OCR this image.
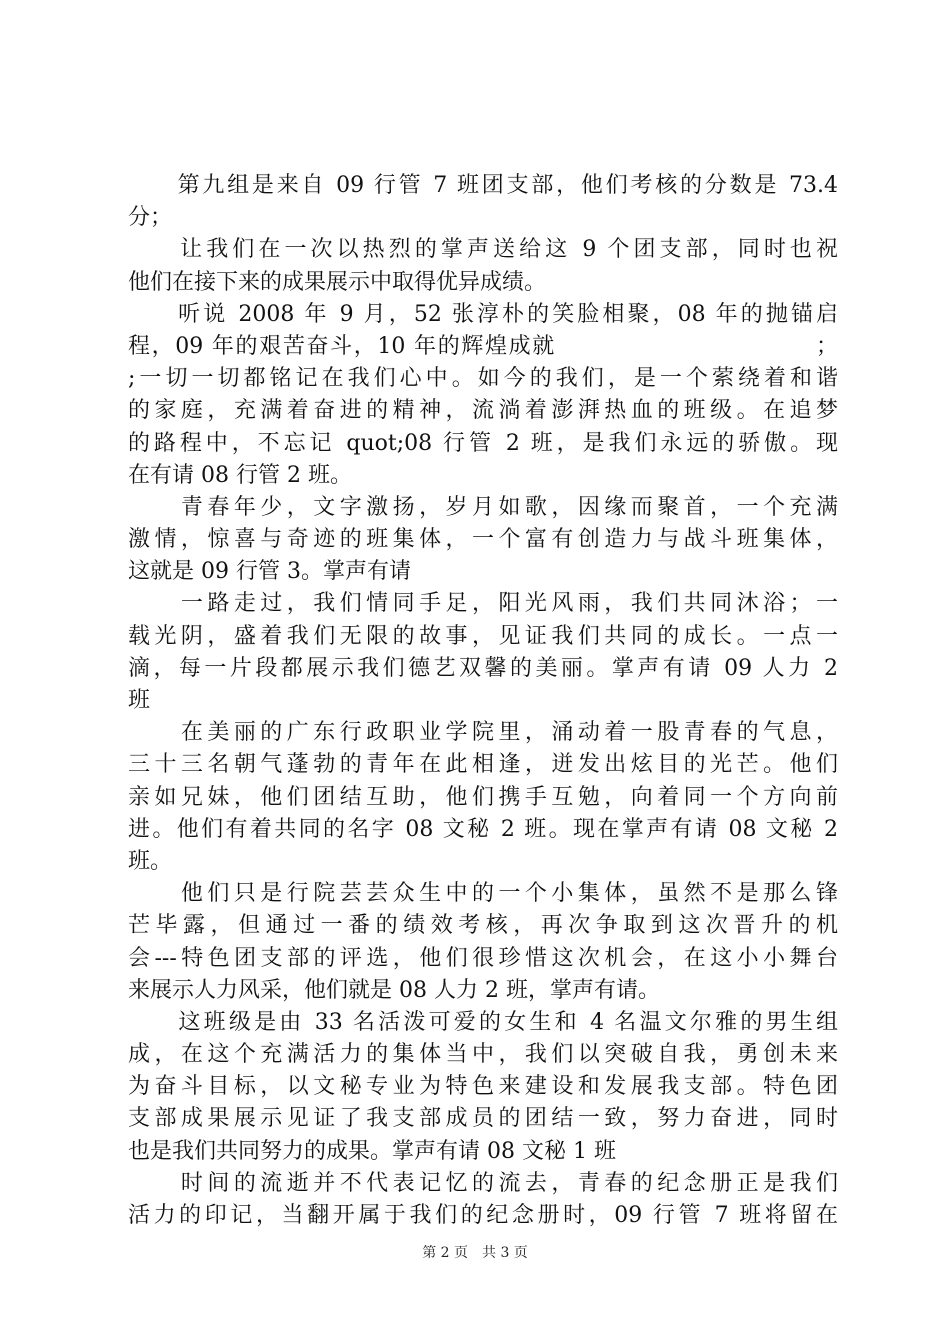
　　第九组是来自 09 行管 7 班团支部，他们考核的分数是 73.4
分；
　　让我们在一次以热烈的掌声送给这 9 个团支部，同时也祝
他们在接下来的成果展示中取得优异成绩。
　　听说 2008 年 9 月，52 张淳朴的笑脸相聚，08 年的抛锚启
程，09 年的艰苦奋斗，10 年的辉煌成就　　　　　　　　　　　；
;一切一切都铭记在我们心中。如今的我们，是一个萦绕着和谐
的家庭，充满着奋进的精神，流淌着澎湃热血的班级。在追梦
的路程中，不忘记 quot;08 行管 2 班，是我们永远的骄傲。现
在有请 08 行管 2 班。
　　青春年少，文字激扬，岁月如歌，因缘而聚首，一个充满
激情，惊喜与奇迹的班集体，一个富有创造力与战斗班集体，
这就是 09 行管 3。掌声有请
　　一路走过，我们情同手足，阳光风雨，我们共同沐浴；一
载光阴，盛着我们无限的故事，见证我们共同的成长。一点一
滴，每一片段都展示我们德艺双馨的美丽。掌声有请 09 人力 2
班
　　在美丽的广东行政职业学院里，涌动着一股青春的气息，
三十三名朝气蓬勃的青年在此相逢，迸发出炫目的光芒。他们
亲如兄妹，他们团结互助，他们携手互勉，向着同一个方向前
进。他们有着共同的名字 08 文秘 2 班。现在掌声有请 08 文秘 2
班。
　　他们只是行院芸芸众生中的一个小集体，虽然不是那么锋
芒毕露，但通过一番的绩效考核，再次争取到这次晋升的机
会---特色团支部的评选，他们很珍惜这次机会，在这小小舞台
来展示人力风采，他们就是 08 人力 2 班，掌声有请。
　　这班级是由 33 名活泼可爱的女生和 4 名温文尔雅的男生组
成，在这个充满活力的集体当中，我们以突破自我，勇创未来
为奋斗目标，以文秘专业为特色来建设和发展我支部。特色团
支部成果展示见证了我支部成员的团结一致，努力奋进，同时
也是我们共同努力的成果。掌声有请 08 文秘 1 班
　　时间的流逝并不代表记忆的流去，青春的纪念册正是我们
活力的印记，当翻开属于我们的纪念册时，09 行管 7 班将留在
第 2 页　共 3 页
